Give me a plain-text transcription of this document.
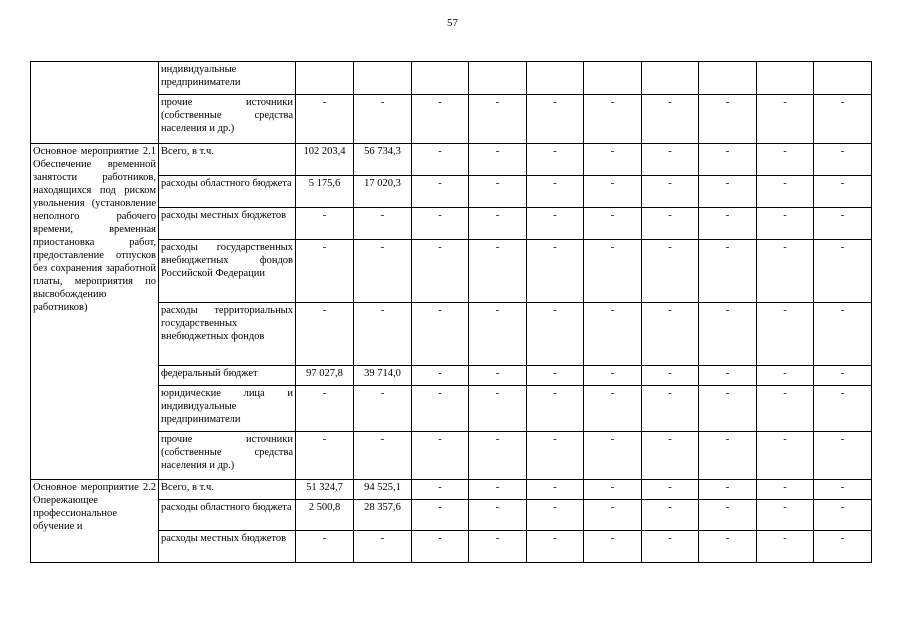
57
	индивидуальные предприниматели										
	прочие источники (собственные средства населения и др.)	-	-	-	-	-	-	-	-	-	-
Основное мероприятие 2.1 Обеспечение временной занятости работников, находящихся под риском увольнения (установление неполного рабочего времени, временная приостановка работ, предоставление отпусков без сохранения заработной платы, мероприятия по высвобождению работников)	Всего, в т.ч.	102 203,4	56 734,3	-	-	-	-	-	-	-	-
	расходы областного бюджета	5 175,6	17 020,3	-	-	-	-	-	-	-	-
	расходы местных бюджетов	-	-	-	-	-	-	-	-	-	-
	расходы государственных внебюджетных фондов Российской Федерации	-	-	-	-	-	-	-	-	-	-
	расходы территориальных государственных внебюджетных фондов	-	-	-	-	-	-	-	-	-	-
	федеральный бюджет	97 027,8	39 714,0	-	-	-	-	-	-	-	-
	юридические лица и индивидуальные предприниматели	-	-	-	-	-	-	-	-	-	-
	прочие источники (собственные средства населения и др.)	-	-	-	-	-	-	-	-	-	-
Основное мероприятие 2.2 Опережающее профессиональное обучение и	Всего, в т.ч.	51 324,7	94 525,1	-	-	-	-	-	-	-	-
	расходы областного бюджета	2 500,8	28 357,6	-	-	-	-	-	-	-	-
	расходы местных бюджетов	-	-	-	-	-	-	-	-	-	-
